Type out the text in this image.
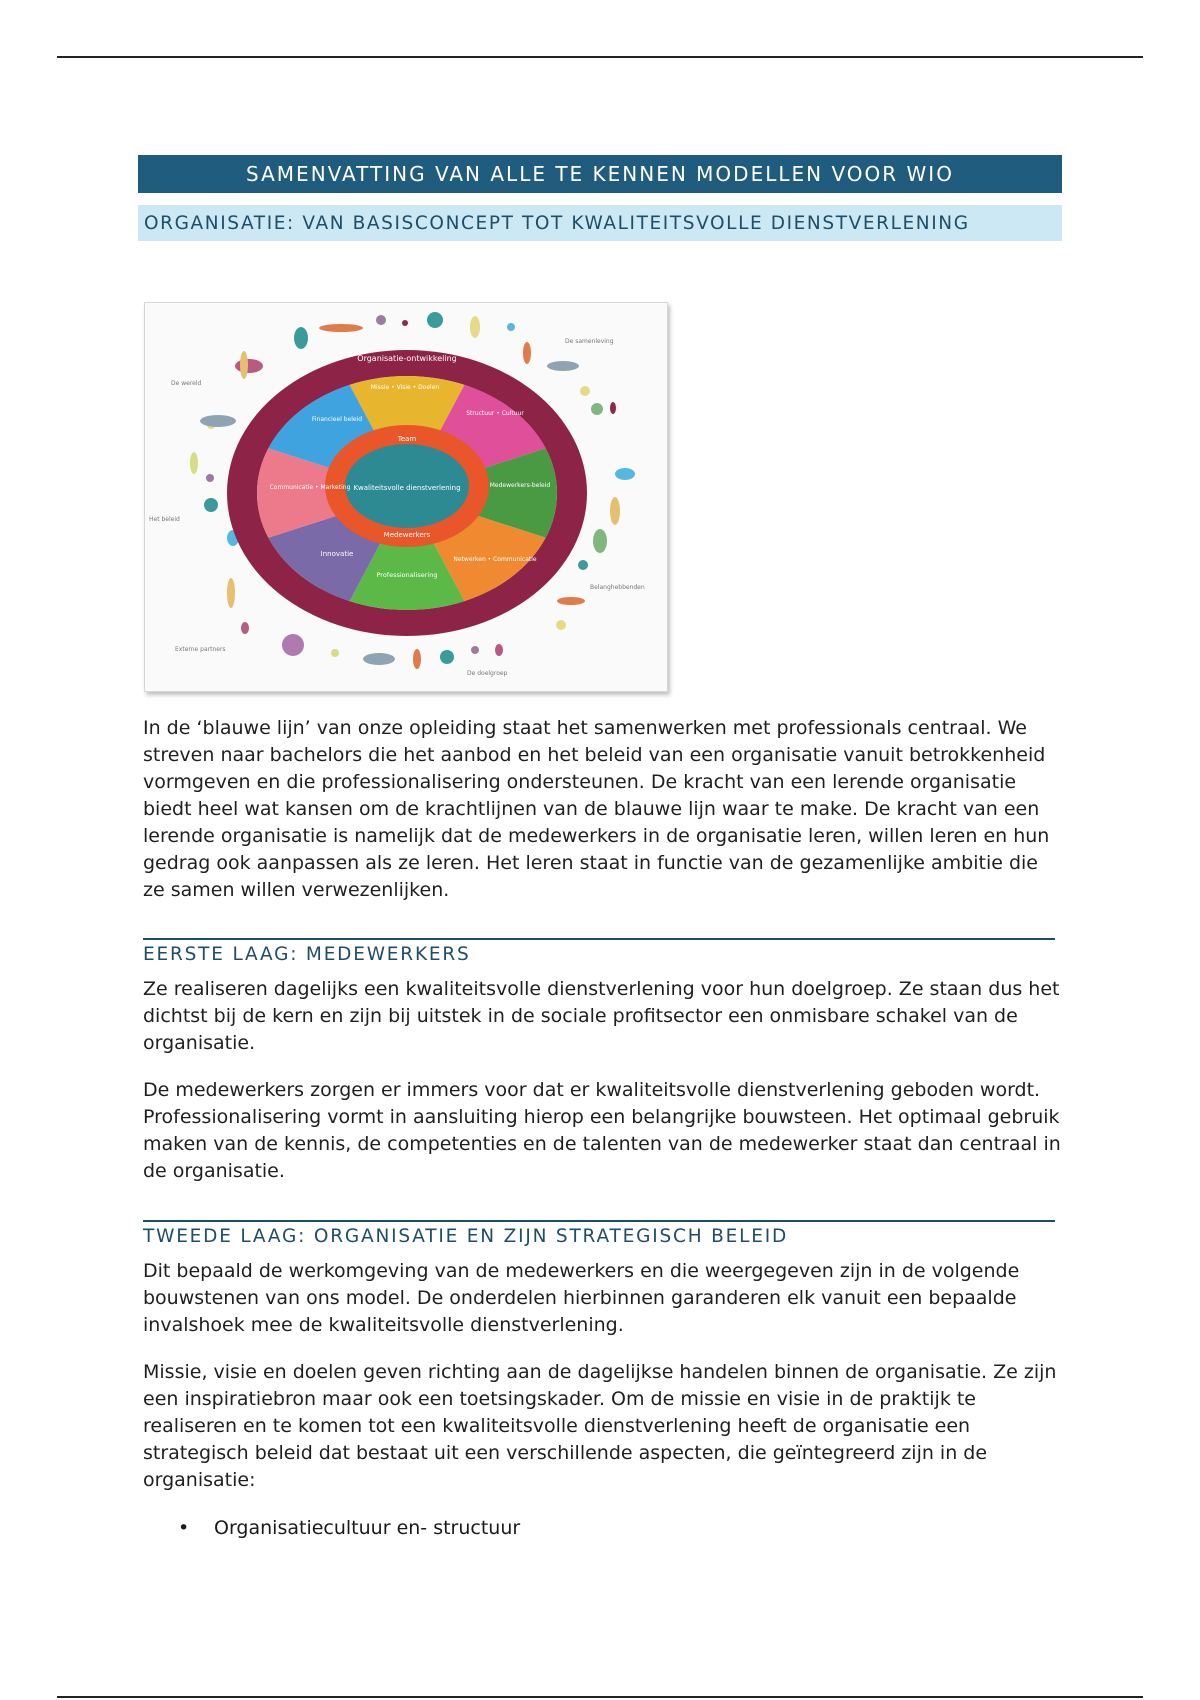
SAMENVATTING VAN ALLE TE KENNEN MODELLEN VOOR WIO
ORGANISATIE: VAN BASISCONCEPT TOT KWALITEITSVOLLE DIENSTVERLENING
Organisatie-ontwikkeling
Missie • Visie • Doelen
Structuur • Cultuur
Medewerkers-beleid
Netwerken • Communicatie
Professionalisering
Innovatie
Communicatie • Marketing
Financieel beleid
Team
Medewerkers
Kwaliteitsvolle dienstverlening
De wereld
De samenleving
Het beleid
Belanghebbenden
Externe partners
De doelgroep

In de ‘blauwe lijn’ van onze opleiding staat het samenwerken met professionals centraal. We streven naar bachelors die het aanbod en het beleid van een organisatie vanuit betrokkenheid vormgeven en die professionalisering ondersteunen. De kracht van een lerende organisatie biedt heel wat kansen om de krachtlijnen van de blauwe lijn waar te make. De kracht van een lerende organisatie is namelijk dat de medewerkers in de organisatie leren, willen leren en hun gedrag ook aanpassen als ze leren. Het leren staat in functie van de gezamenlijke ambitie die ze samen willen verwezenlijken.

EERSTE LAAG: MEDEWERKERS

Ze realiseren dagelijks een kwaliteitsvolle dienstverlening voor hun doelgroep. Ze staan dus het dichtst bij de kern en zijn bij uitstek in de sociale profitsector een onmisbare schakel van de organisatie.

De medewerkers zorgen er immers voor dat er kwaliteitsvolle dienstverlening geboden wordt. Professionalisering vormt in aansluiting hierop een belangrijke bouwsteen. Het optimaal gebruik maken van de kennis, de competenties en de talenten van de medewerker staat dan centraal in de organisatie.

TWEEDE LAAG: ORGANISATIE EN ZIJN STRATEGISCH BELEID

Dit bepaald de werkomgeving van de medewerkers en die weergegeven zijn in de volgende bouwstenen van ons model. De onderdelen hierbinnen garanderen elk vanuit een bepaalde invalshoek mee de kwaliteitsvolle dienstverlening.

Missie, visie en doelen geven richting aan de dagelijkse handelen binnen de organisatie. Ze zijn een inspiratiebron maar ook een toetsingskader. Om de missie en visie in de praktijk te realiseren en te komen tot een kwaliteitsvolle dienstverlening heeft de organisatie een strategisch beleid dat bestaat uit een verschillende aspecten, die geïntegreerd zijn in de organisatie:

• Organisatiecultuur en- structuur
